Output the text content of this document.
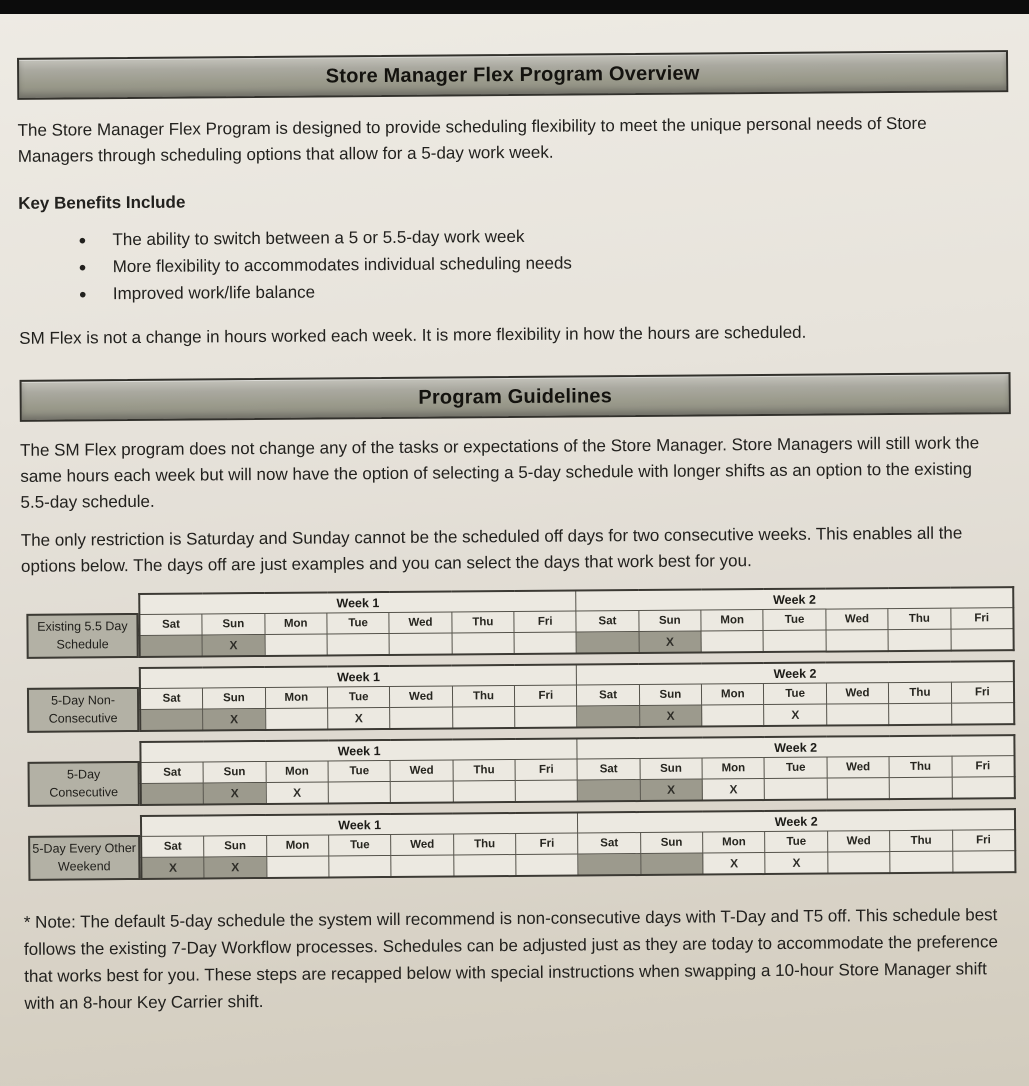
Store Manager Flex Program Overview

The Store Manager Flex Program is designed to provide scheduling flexibility to meet the unique personal needs of Store Managers through scheduling options that allow for a 5-day work week.

Key Benefits Include
● The ability to switch between a 5 or 5.5-day work week
● More flexibility to accommodates individual scheduling needs
● Improved work/life balance

SM Flex is not a change in hours worked each week. It is more flexibility in how the hours are scheduled.

Program Guidelines

The SM Flex program does not change any of the tasks or expectations of the Store Manager. Store Managers will still work the same hours each week but will now have the option of selecting a 5-day schedule with longer shifts as an option to the existing 5.5-day schedule.

The only restriction is Saturday and Sunday cannot be the scheduled off days for two consecutive weeks. This enables all the options below. The days off are just examples and you can select the days that work best for you.

Existing 5.5 Day
Schedule
Week 1							Week 2						
Sat	Sun	Mon	Tue	Wed	Thu	Fri	Sat	Sun	Mon	Tue	Wed	Thu	Fri
	X							X					
5-Day Non-
Consecutive
Week 1							Week 2						
Sat	Sun	Mon	Tue	Wed	Thu	Fri	Sat	Sun	Mon	Tue	Wed	Thu	Fri
	X		X					X		X			
5-Day
Consecutive
Week 1							Week 2						
Sat	Sun	Mon	Tue	Wed	Thu	Fri	Sat	Sun	Mon	Tue	Wed	Thu	Fri
	X	X						X	X				
5-Day Every Other
Weekend
Week 1							Week 2						
Sat	Sun	Mon	Tue	Wed	Thu	Fri	Sat	Sun	Mon	Tue	Wed	Thu	Fri
X	X								X	X			

* Note: The default 5-day schedule the system will recommend is non-consecutive days with T-Day and T5 off. This schedule best follows the existing 7-Day Workflow processes. Schedules can be adjusted just as they are today to accommodate the preference that works best for you. These steps are recapped below with special instructions when swapping a 10-hour Store Manager shift with an 8-hour Key Carrier shift.
